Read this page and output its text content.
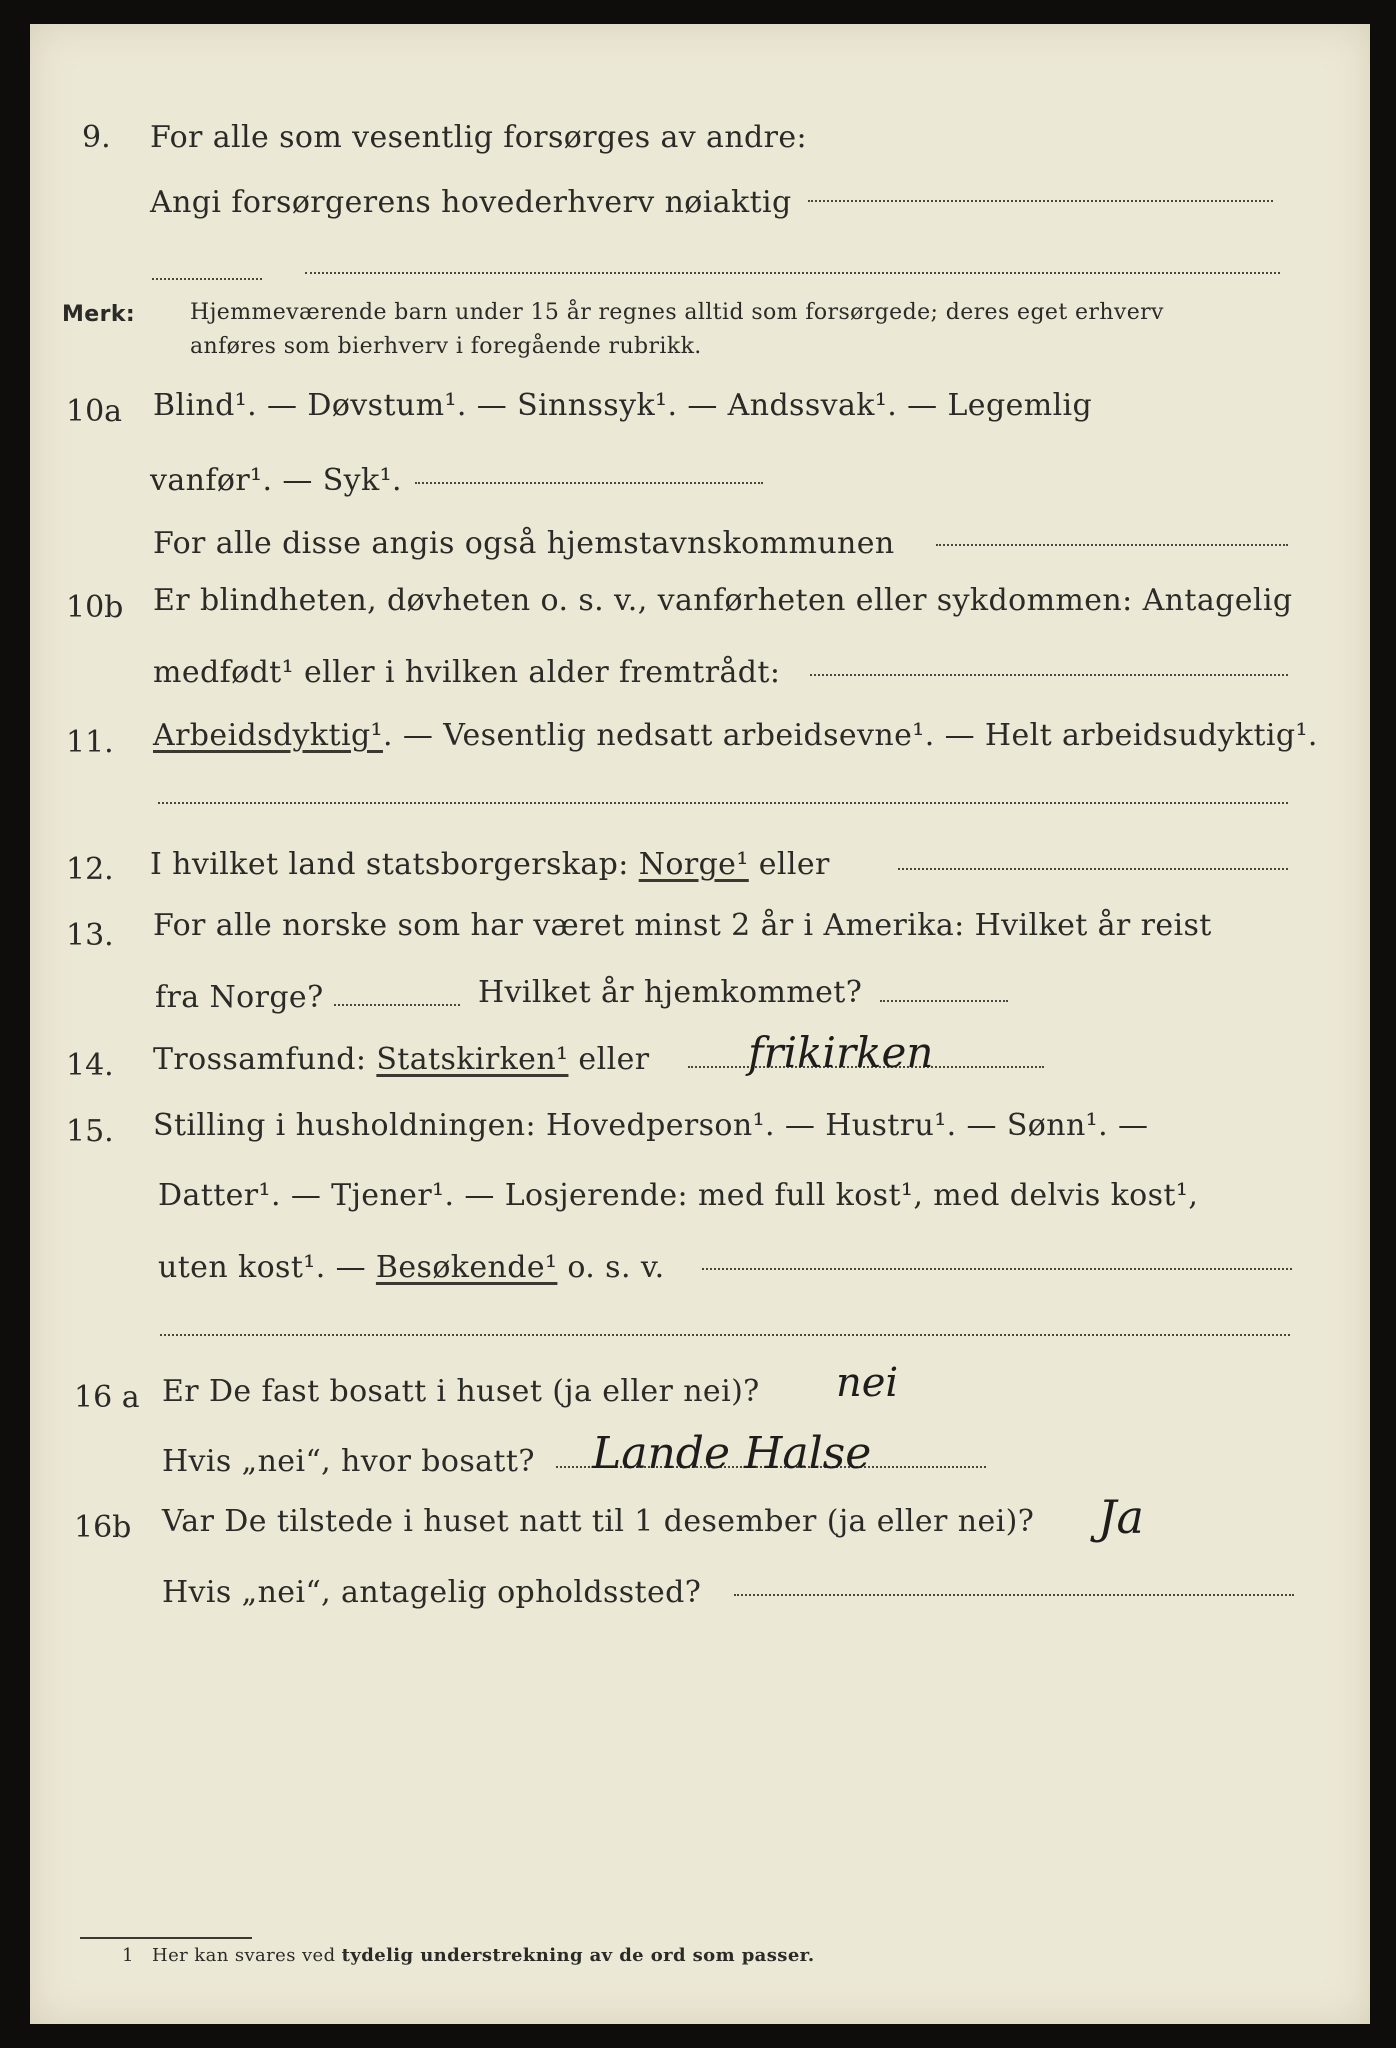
9. For alle som vesentlig forsørges av andre:
Angi forsørgerens hovederhverv nøiaktig
Merk: Hjemmeværende barn under 15 år regnes alltid som forsørgede; deres eget erhverv
anføres som bierhverv i foregående rubrikk.
10a Blind¹. — Døvstum¹. — Sinnssyk¹. — Andssvak¹. — Legemlig
vanfør¹. — Syk¹.
For alle disse angis også hjemstavnskommunen
10b Er blindheten, døvheten o. s. v., vanførheten eller sykdommen: Antagelig
medfødt¹ eller i hvilken alder fremtrådt:
11. Arbeidsdyktig¹. — Vesentlig nedsatt arbeidsevne¹. — Helt arbeidsudyktig¹.
12. I hvilket land statsborgerskap: Norge¹ eller
13. For alle norske som har været minst 2 år i Amerika: Hvilket år reist
fra Norge?	Hvilket år hjemkommet?
14. Trossamfund: Statskirken¹ eller frikirken
15. Stilling i husholdningen: Hovedperson¹. — Hustru¹. — Sønn¹. —
Datter¹. — Tjener¹. — Losjerende: med full kost¹, med delvis kost¹,
uten kost¹. — Besøkende¹ o. s. v.
16 a Er De fast bosatt i huset (ja eller nei)? nei
Hvis „nei“, hvor bosatt? Lande Halse
16b Var De tilstede i huset natt til 1 desember (ja eller nei)? Ja
Hvis „nei“, antagelig opholdssted?
1 Her kan svares ved tydelig understrekning av de ord som passer.
